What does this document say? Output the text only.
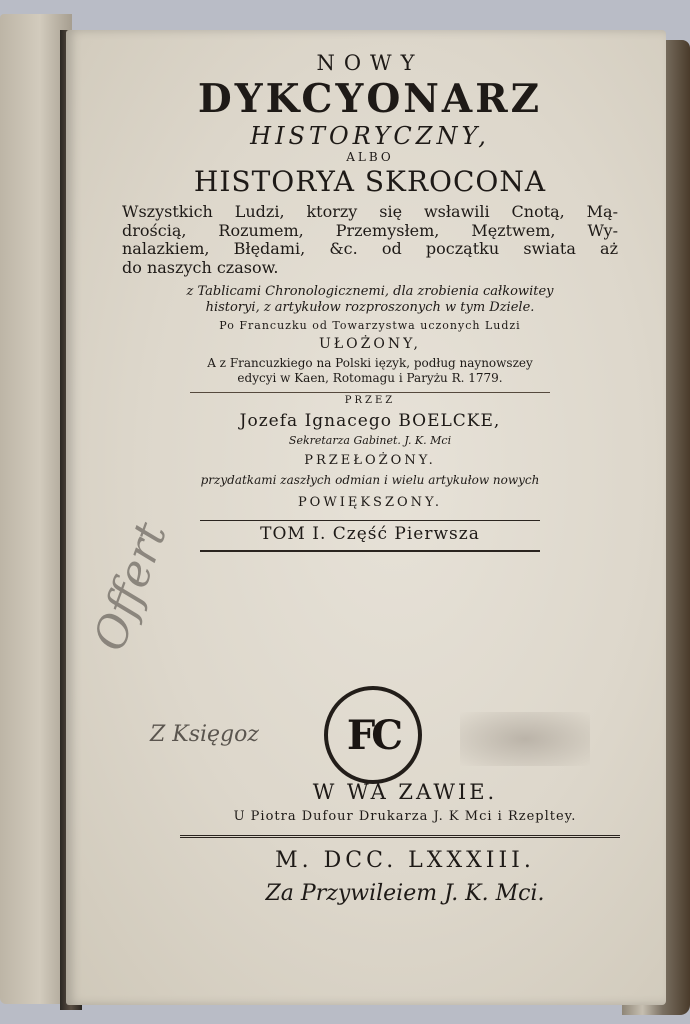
NOWY
DYKCYONARZ
HISTORYCZNY,
ALBO
HISTORYA SKROCONA
Wszystkich Ludzi, ktorzy się wsławili Cnotą, Mą-
drością, Rozumem, Przemysłem, Męztwem, Wy-
nalazkiem, Błędami, &c. od początku swiata aż
do naszych czasow.
z Tablicami Chronologicznemi, dla zrobienia całkowitey
historyi, z artykułow rozproszonych w tym Dziele.
Po Francuzku od Towarzystwa uczonych Ludzi
UŁOŻONY,
A z Francuzkiego na Polski ięzyk, podług naynowszey
edycyi w Kaen, Rotomagu i Paryżu R. 1779.
PRZEZ
Jozefa Ignacego BOELCKE,
Sekretarza Gabinet. J. K. Mci
PRZEŁOŻONY.
przydatkami zaszłych odmian i wielu artykułow nowych
POWIĘKSZONY.
TOM I. Część Pierwsza
Offert
Z Księgoz	FC
W WA ZAWIE.
U Piotra Dufour Drukarza J. K Mci i Rzepltey.
M. DCC. LXXXIII.
Za Przywileiem J. K. Mci.
